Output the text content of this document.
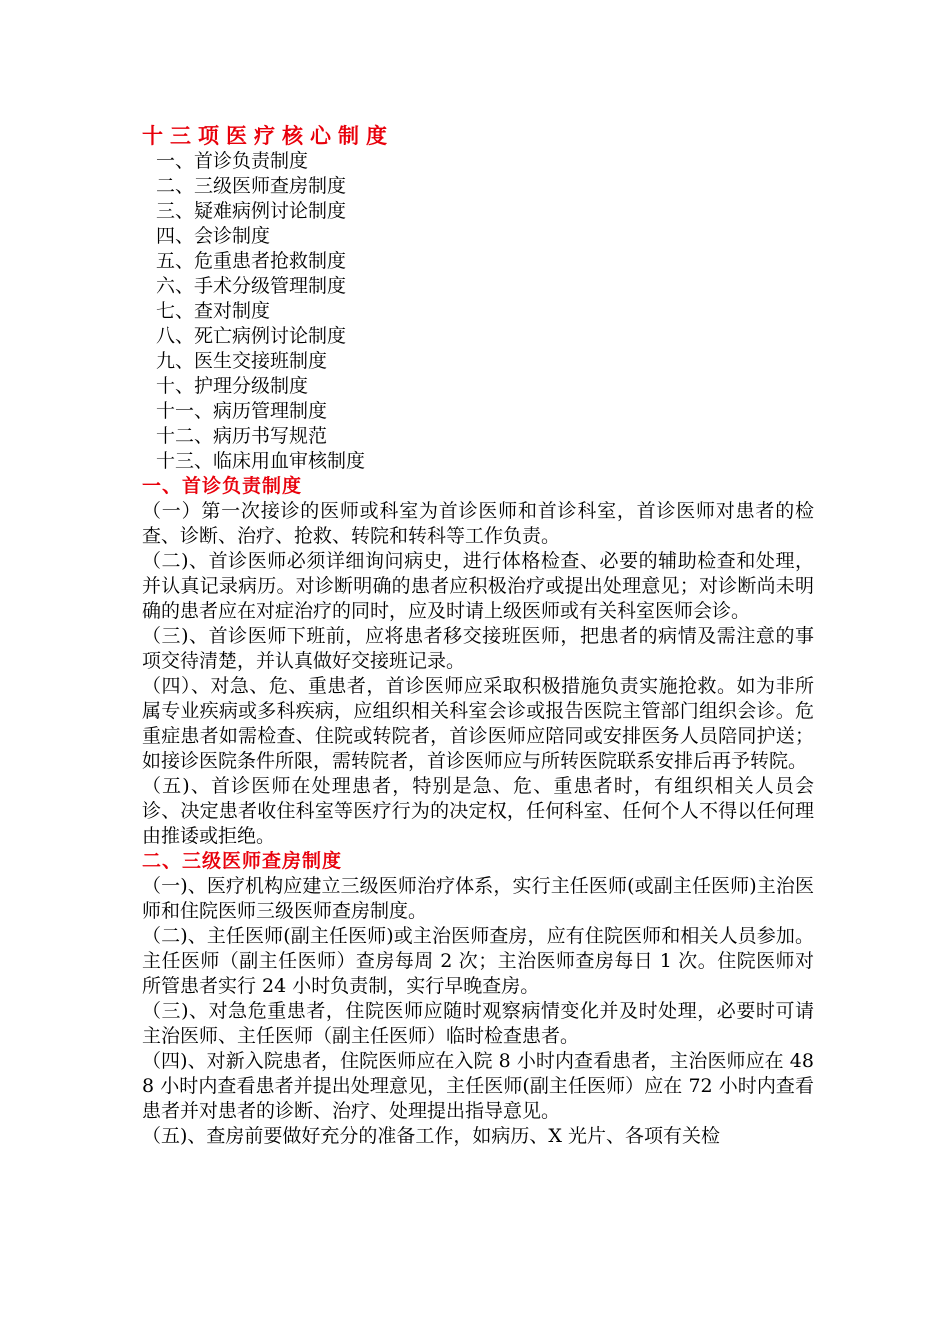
十三项医疗核心制度
一、首诊负责制度
二、三级医师查房制度
三、疑难病例讨论制度
四、会诊制度
五、危重患者抢救制度
六、手术分级管理制度
七、查对制度
八、死亡病例讨论制度
九、医生交接班制度
十、护理分级制度
十一、病历管理制度
十二、病历书写规范
十三、临床用血审核制度
一、首诊负责制度

（一）第一次接诊的医师或科室为首诊医师和首诊科室，首诊医师对患者的检查、诊断、治疗、抢救、转院和转科等工作负责。

（二)、首诊医师必须详细询问病史，进行体格检查、必要的辅助检查和处理，并认真记录病历。对诊断明确的患者应积极治疗或提出处理意见；对诊断尚未明确的患者应在对症治疗的同时，应及时请上级医师或有关科室医师会诊。

（三)、首诊医师下班前，应将患者移交接班医师，把患者的病情及需注意的事项交待清楚，并认真做好交接班记录。

（四）、对急、危、重患者，首诊医师应采取积极措施负责实施抢救。如为非所属专业疾病或多科疾病，应组织相关科室会诊或报告医院主管部门组织会诊。危重症患者如需检查、住院或转院者，首诊医师应陪同或安排医务人员陪同护送；如接诊医院条件所限，需转院者，首诊医师应与所转医院联系安排后再予转院。

（五)、首诊医师在处理患者，特别是急、危、重患者时，有组织相关人员会诊、决定患者收住科室等医疗行为的决定权，任何科室、任何个人不得以任何理由推诿或拒绝。

二、三级医师查房制度

（一)、医疗机构应建立三级医师治疗体系，实行主任医师(或副主任医师)主治医师和住院医师三级医师查房制度。

（二)、主任医师(副主任医师)或主治医师查房，应有住院医师和相关人员参加。主任医师（副主任医师）查房每周 2 次；主治医师查房每日 1 次。住院医师对所管患者实行 24 小时负责制，实行早晚查房。

（三)、对急危重患者，住院医师应随时观察病情变化并及时处理，必要时可请主治医师、主任医师（副主任医师）临时检查患者。

（四)、对新入院患者，住院医师应在入院 8 小时内查看患者，主治医师应在 488 小时内查看患者并提出处理意见，主任医师(副主任医师）应在 72 小时内查看患者并对患者的诊断、治疗、处理提出指导意见。

（五)、查房前要做好充分的准备工作，如病历、X 光片、各项有关检
